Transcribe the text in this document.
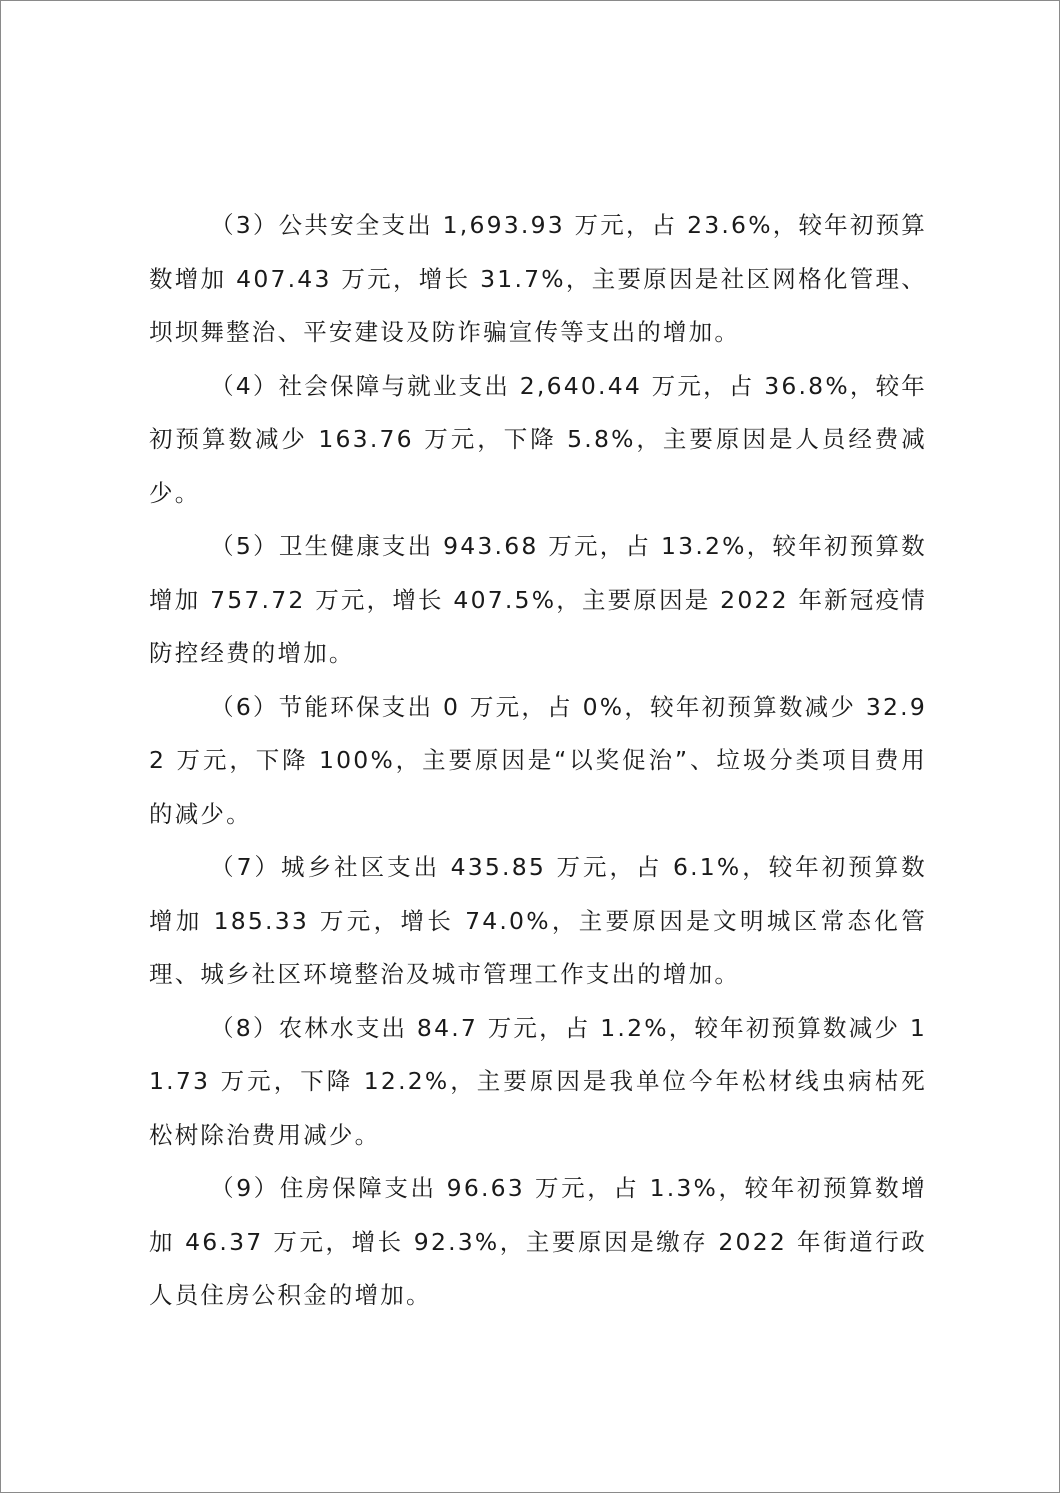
（3）公共安全支出 1,693.93 万元，占 23.6%，较年初预算数增加 407.43 万元，增长 31.7%，主要原因是社区网格化管理、坝坝舞整治、平安建设及防诈骗宣传等支出的增加。

（4）社会保障与就业支出 2,640.44 万元，占 36.8%，较年初预算数减少 163.76 万元，下降 5.8%，主要原因是人员经费减少。

（5）卫生健康支出 943.68 万元，占 13.2%，较年初预算数增加 757.72 万元，增长 407.5%，主要原因是 2022 年新冠疫情防控经费的增加。

（6）节能环保支出 0 万元，占 0%，较年初预算数减少 32.92 万元，下降 100%，主要原因是“以奖促治”、垃圾分类项目费用的减少。

（7）城乡社区支出 435.85 万元，占 6.1%，较年初预算数增加 185.33 万元，增长 74.0%，主要原因是文明城区常态化管理、城乡社区环境整治及城市管理工作支出的增加。

（8）农林水支出 84.7 万元，占 1.2%，较年初预算数减少 11.73 万元，下降 12.2%，主要原因是我单位今年松材线虫病枯死松树除治费用减少。

（9）住房保障支出 96.63 万元，占 1.3%，较年初预算数增加 46.37 万元，增长 92.3%，主要原因是缴存 2022 年街道行政人员住房公积金的增加。
